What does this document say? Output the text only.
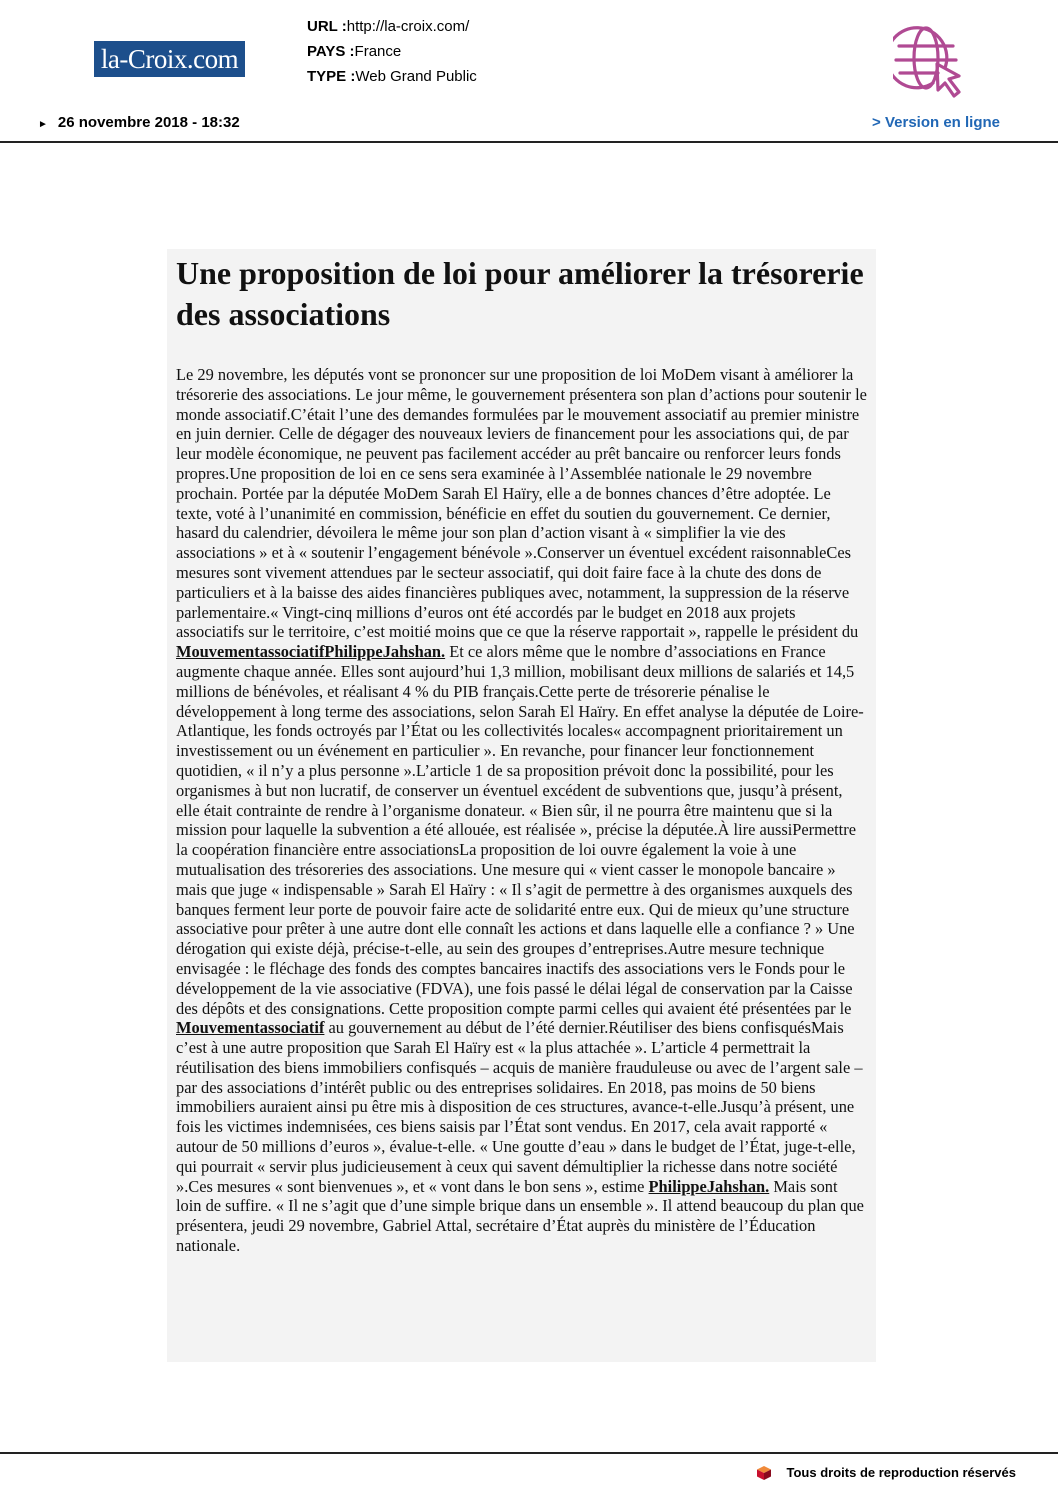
la-Croix.com
URL :http://la-croix.com/
PAYS :France
TYPE :Web Grand Public
► 26 novembre 2018 - 18:32	> Version en ligne
Une proposition de loi pour améliorer la trésorerie des associations

Le 29 novembre, les députés vont se prononcer sur une proposition de loi MoDem visant à améliorer la trésorerie des associations. Le jour même, le gouvernement présentera son plan d’actions pour soutenir le monde associatif.C’était l’une des demandes formulées par le mouvement associatif au premier ministre en juin dernier. Celle de dégager des nouveaux leviers de financement pour les associations qui, de par leur modèle économique, ne peuvent pas facilement accéder au prêt bancaire ou renforcer leurs fonds propres.Une proposition de loi en ce sens sera examinée à l’Assemblée nationale le 29 novembre prochain. Portée par la députée MoDem Sarah El Haïry, elle a de bonnes chances d’être adoptée. Le texte, voté à l’unanimité en commission, bénéficie en effet du soutien du gouvernement. Ce dernier, hasard du calendrier, dévoilera le même jour son plan d’action visant à « simplifier la vie des associations » et à « soutenir l’engagement bénévole ».Conserver un éventuel excédent raisonnableCes mesures sont vivement attendues par le secteur associatif, qui doit faire face à la chute des dons de particuliers et à la baisse des aides financières publiques avec, notamment, la suppression de la réserve parlementaire.« Vingt-cinq millions d’euros ont été accordés par le budget en 2018 aux projets associatifs sur le territoire, c’est moitié moins que ce que la réserve rapportait », rappelle le président du MouvementassociatifPhilippeJahshan. Et ce alors même que le nombre d’associations en France augmente chaque année. Elles sont aujourd’hui 1,3 million, mobilisant deux millions de salariés et 14,5 millions de bénévoles, et réalisant 4 % du PIB français.Cette perte de trésorerie pénalise le développement à long terme des associations, selon Sarah El Haïry. En effet analyse la députée de Loire-Atlantique, les fonds octroyés par l’État ou les collectivités locales« accompagnent prioritairement un investissement ou un événement en particulier ». En revanche, pour financer leur fonctionnement quotidien, « il n’y a plus personne ».L’article 1 de sa proposition prévoit donc la possibilité, pour les organismes à but non lucratif, de conserver un éventuel excédent de subventions que, jusqu’à présent, elle était contrainte de rendre à l’organisme donateur. « Bien sûr, il ne pourra être maintenu que si la mission pour laquelle la subvention a été allouée, est réalisée », précise la députée.À lire aussiPermettre la coopération financière entre associationsLa proposition de loi ouvre également la voie à une mutualisation des trésoreries des associations. Une mesure qui « vient casser le monopole bancaire » mais que juge « indispensable » Sarah El Haïry : « Il s’agit de permettre à des organismes auxquels des banques ferment leur porte de pouvoir faire acte de solidarité entre eux. Qui de mieux qu’une structure associative pour prêter à une autre dont elle connaît les actions et dans laquelle elle a confiance ? » Une dérogation qui existe déjà, précise-t-elle, au sein des groupes d’entreprises.Autre mesure technique envisagée : le fléchage des fonds des comptes bancaires inactifs des associations vers le Fonds pour le développement de la vie associative (FDVA), une fois passé le délai légal de conservation par la Caisse des dépôts et des consignations. Cette proposition compte parmi celles qui avaient été présentées par le Mouvementassociatif au gouvernement au début de l’été dernier.Réutiliser des biens confisquésMais c’est à une autre proposition que Sarah El Haïry est « la plus attachée ». L’article 4 permettrait la réutilisation des biens immobiliers confisqués – acquis de manière frauduleuse ou avec de l’argent sale – par des associations d’intérêt public ou des entreprises solidaires. En 2018, pas moins de 50 biens immobiliers auraient ainsi pu être mis à disposition de ces structures, avance-t-elle.Jusqu’à présent, une fois les victimes indemnisées, ces biens saisis par l’État sont vendus. En 2017, cela avait rapporté « autour de 50 millions d’euros », évalue-t-elle. « Une goutte d’eau » dans le budget de l’État, juge-t-elle, qui pourrait « servir plus judicieusement à ceux qui savent démultiplier la richesse dans notre société ».Ces mesures « sont bienvenues », et « vont dans le bon sens », estime PhilippeJahshan. Mais sont loin de suffire. « Il ne s’agit que d’une simple brique dans un ensemble ». Il attend beaucoup du plan que présentera, jeudi 29 novembre, Gabriel Attal, secrétaire d’État auprès du ministère de l’Éducation nationale.

Tous droits de reproduction réservés
